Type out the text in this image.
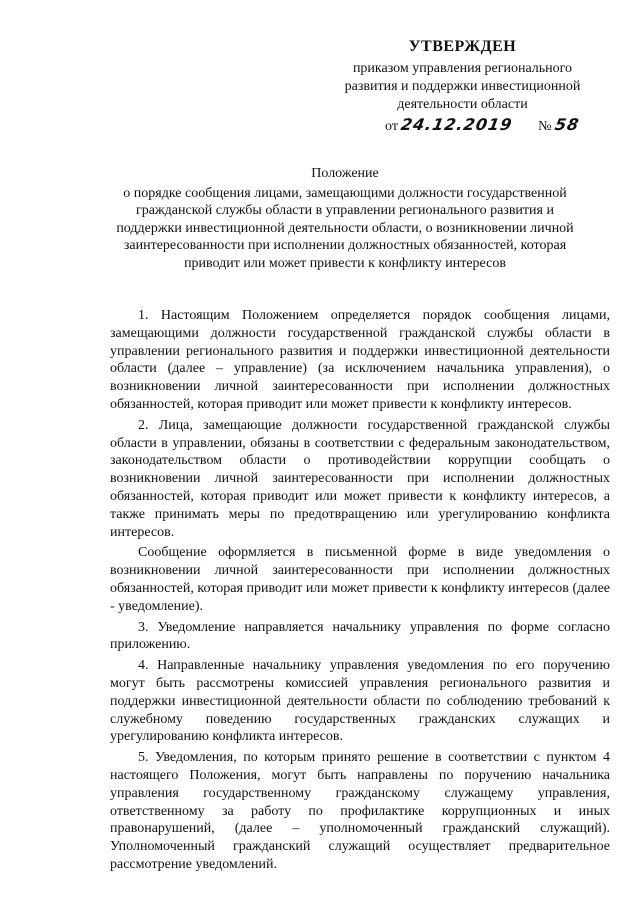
УТВЕРЖДЕН
приказом управления регионального
развития и поддержки инвестиционной
деятельности области
от 24.12.2019 № 58
Положение
о порядке сообщения лицами, замещающими должности государственной
гражданской службы области в управлении регионального развития и
поддержки инвестиционной деятельности области, о возникновении личной
заинтересованности при исполнении должностных обязанностей, которая
приводит или может привести к конфликту интересов

1. Настоящим Положением определяется порядок сообщения лицами, замещающими должности государственной гражданской службы области в управлении регионального развития и поддержки инвестиционной деятельности области (далее – управление) (за исключением начальника управления), о возникновении личной заинтересованности при исполнении должностных обязанностей, которая приводит или может привести к конфликту интересов.

2. Лица, замещающие должности государственной гражданской службы области в управлении, обязаны в соответствии с федеральным законодательством, законодательством области о противодействии коррупции сообщать о возникновении личной заинтересованности при исполнении должностных обязанностей, которая приводит или может привести к конфликту интересов, а также принимать меры по предотвращению или урегулированию конфликта интересов.

Сообщение оформляется в письменной форме в виде уведомления о возникновении личной заинтересованности при исполнении должностных обязанностей, которая приводит или может привести к конфликту интересов (далее - уведомление).

3. Уведомление направляется начальнику управления по форме согласно приложению.

4. Направленные начальнику управления уведомления по его поручению могут быть рассмотрены комиссией управления регионального развития и поддержки инвестиционной деятельности области по соблюдению требований к служебному поведению государственных гражданских служащих и урегулированию конфликта интересов.

5. Уведомления, по которым принято решение в соответствии с пунктом 4 настоящего Положения, могут быть направлены по поручению начальника управления государственному гражданскому служащему управления, ответственному за работу по профилактике коррупционных и иных правонарушений, (далее – уполномоченный гражданский служащий). Уполномоченный гражданский служащий осуществляет предварительное рассмотрение уведомлений.
